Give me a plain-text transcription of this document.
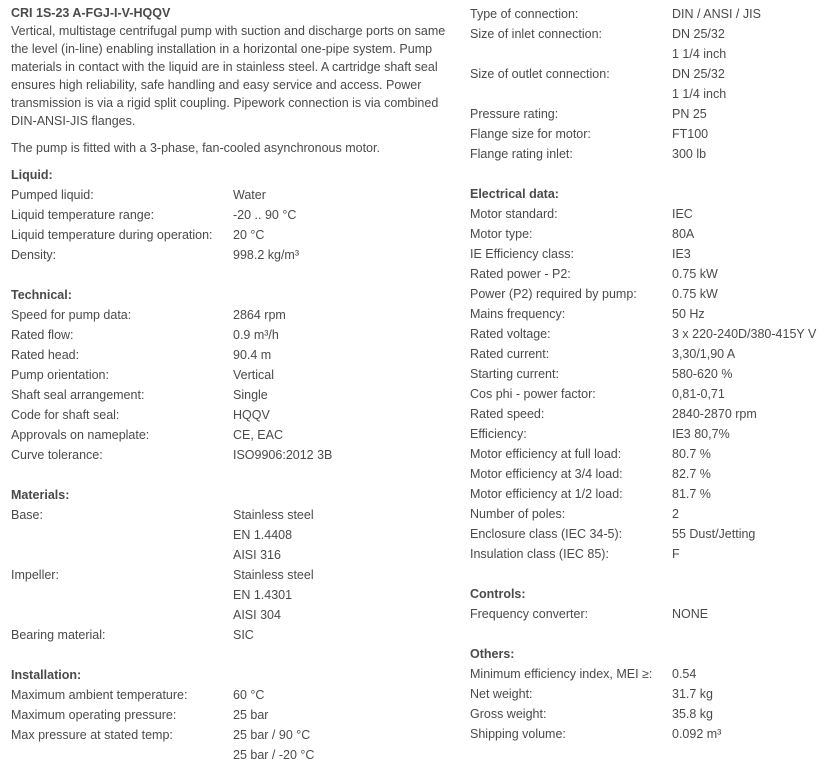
CRI 1S-23 A-FGJ-I-V-HQQV

Vertical, multistage centrifugal pump with suction and discharge ports on same the level (in-line) enabling installation in a horizontal one-pipe system. Pump materials in contact with the liquid are in stainless steel. A cartridge shaft seal ensures high reliability, safe handling and easy service and access. Power transmission is via a rigid split coupling. Pipework connection is via combined DIN-ANSI-JIS flanges.

The pump is fitted with a 3-phase, fan-cooled asynchronous motor.

Liquid:
Pumped liquid:	Water
Liquid temperature range:	-20 .. 90 °C
Liquid temperature during operation:	20 °C
Density:	998.2 kg/m³
Technical:
Speed for pump data:	2864 rpm
Rated flow:	0.9 m³/h
Rated head:	90.4 m
Pump orientation:	Vertical
Shaft seal arrangement:	Single
Code for shaft seal:	HQQV
Approvals on nameplate:	CE, EAC
Curve tolerance:	ISO9906:2012 3B
Materials:
Base:	Stainless steel
EN 1.4408
AISI 316
Impeller:	Stainless steel
EN 1.4301
AISI 304
Bearing material:	SIC
Installation:
Maximum ambient temperature:	60 °C
Maximum operating pressure:	25 bar
Max pressure at stated temp:	25 bar / 90 °C
25 bar / -20 °C
Type of connection:	DIN / ANSI / JIS
Size of inlet connection:	DN 25/32
1 1/4 inch
Size of outlet connection:	DN 25/32
1 1/4 inch
Pressure rating:	PN 25
Flange size for motor:	FT100
Flange rating inlet:	300 lb
Electrical data:
Motor standard:	IEC
Motor type:	80A
IE Efficiency class:	IE3
Rated power - P2:	0.75 kW
Power (P2) required by pump:	0.75 kW
Mains frequency:	50 Hz
Rated voltage:	3 x 220-240D/380-415Y V
Rated current:	3,30/1,90 A
Starting current:	580-620 %
Cos phi - power factor:	0,81-0,71
Rated speed:	2840-2870 rpm
Efficiency:	IE3 80,7%
Motor efficiency at full load:	80.7 %
Motor efficiency at 3/4 load:	82.7 %
Motor efficiency at 1/2 load:	81.7 %
Number of poles:	2
Enclosure class (IEC 34-5):	55 Dust/Jetting
Insulation class (IEC 85):	F
Controls:
Frequency converter:	NONE
Others:
Minimum efficiency index, MEI ≥:	0.54
Net weight:	31.7 kg
Gross weight:	35.8 kg
Shipping volume:	0.092 m³
